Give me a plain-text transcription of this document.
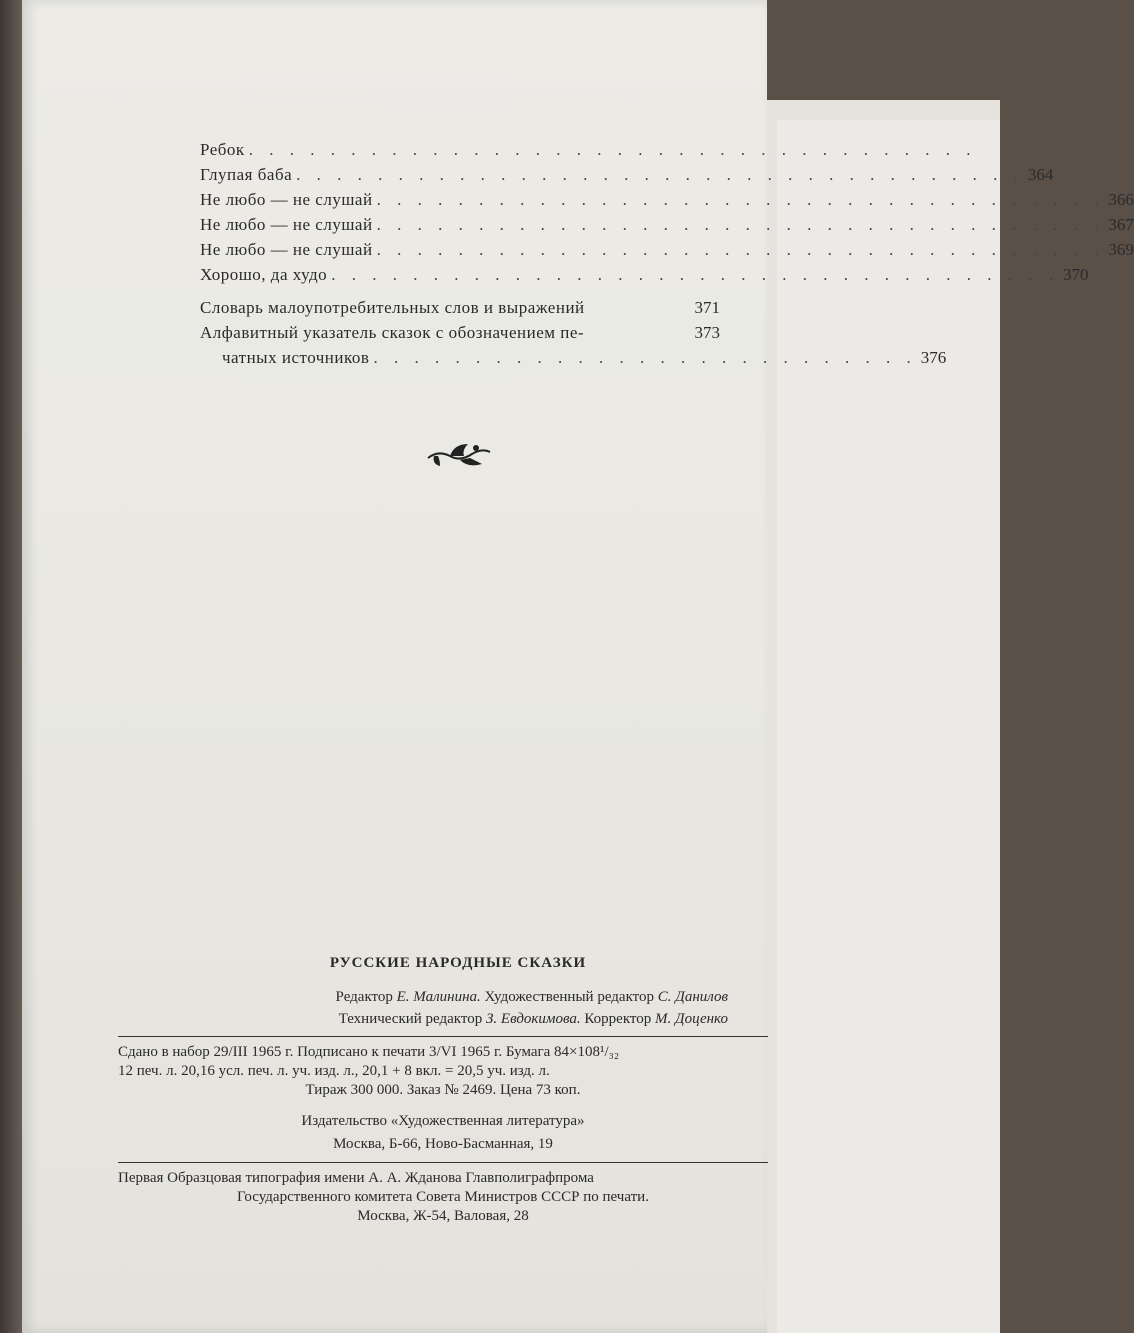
Ребок . . . . . . . . . . . . . . . . . . . . . . . . . . . . . . . . . . . .
Глупая баба . . . . . . . . . . . . . . . . . . . . . . . . . . . . . . . . . . . . 364
Не любо — не слушай . . . . . . . . . . . . . . . . . . . . . . . . . . . . . . . . . . . . 366
Не любо — не слушай . . . . . . . . . . . . . . . . . . . . . . . . . . . . . . . . . . . . 367
Не любо — не слушай . . . . . . . . . . . . . . . . . . . . . . . . . . . . . . . . . . . . 369
Хорошо, да худо . . . . . . . . . . . . . . . . . . . . . . . . . . . . . . . . . . . . 370
Словарь малоупотребительных слов и выражений	371
Алфавитный указатель сказок с обозначением пе-	373
чатных источников . . . . . . . . . . . . . . . . . . . . . . . . . . . 376
РУССКИЕ НАРОДНЫЕ СКАЗКИ
Редактор Е. Малинина. Художественный редактор С. Данилов
Технический редактор З. Евдокимова. Корректор М. Доценко
Сдано в набор 29/III 1965 г. Подписано к печати 3/VI 1965 г. Бумага 84×108¹/₃₂
12 печ. л. 20,16 усл. печ. л. уч. изд. л., 20,1 + 8 вкл. = 20,5 уч. изд. л.
Тираж 300 000. Заказ № 2469. Цена 73 коп.
Издательство «Художественная литература»
Москва, Б-66, Ново-Басманная, 19
Первая Образцовая типография имени А. А. Жданова Главполиграфпрома
Государственного комитета Совета Министров СССР по печати.
Москва, Ж-54, Валовая, 28
